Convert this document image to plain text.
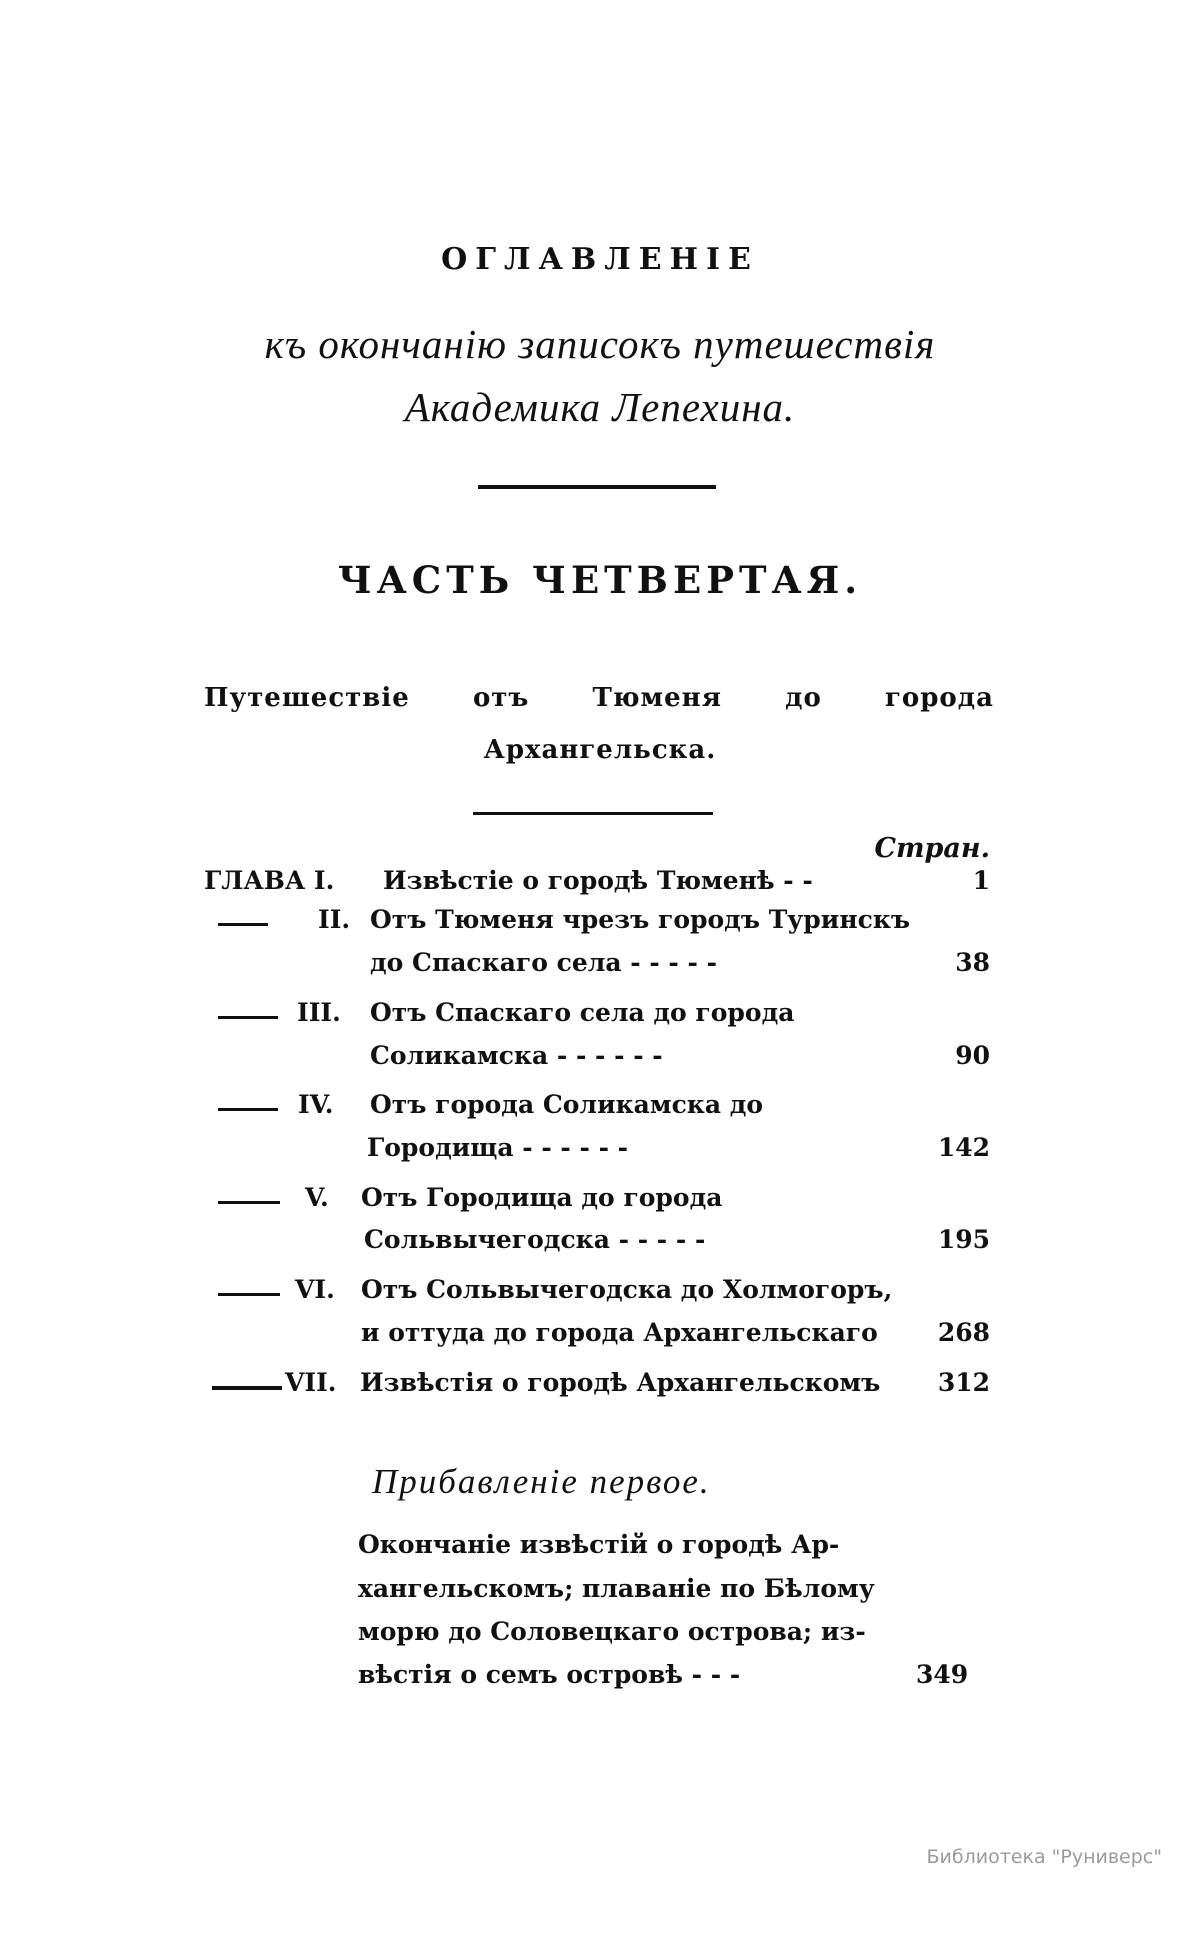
ОГЛАВЛЕНІЕ
къ окончанію записокъ путешествія
Академика Лепехина.
ЧАСТЬ ЧЕТВЕРТАЯ.
Путешествіе отъ Тюменя до города
Архангельска.
Стран.
ГЛАВА I. Извѣстіе о городѣ Тюменѣ - -	1
II. Отъ Тюменя чрезъ городъ Туринскъ
до Спаскаго села - - - - -	38
III. Отъ Спаскаго села до города
Соликамска - - - - - -	90
IV. Отъ города Соликамска до
Городища - - - - - -	142
V. Отъ Городища до города
Сольвычегодска - - - - -	195
VI. Отъ Сольвычегодска до Холмогоръ,
и оттуда до города Архангельскаго 268
VII. Извѣстія о городѣ Архангельскомъ 312
Прибавленіе первое.
Окончаніе извѣстій о городѣ Ар-
хангельскомъ; плаваніе по Бѣлому
морю до Соловецкаго острова; из-
вѣстія о семъ островѣ - - -	349
Библиотека "Руниверс"
